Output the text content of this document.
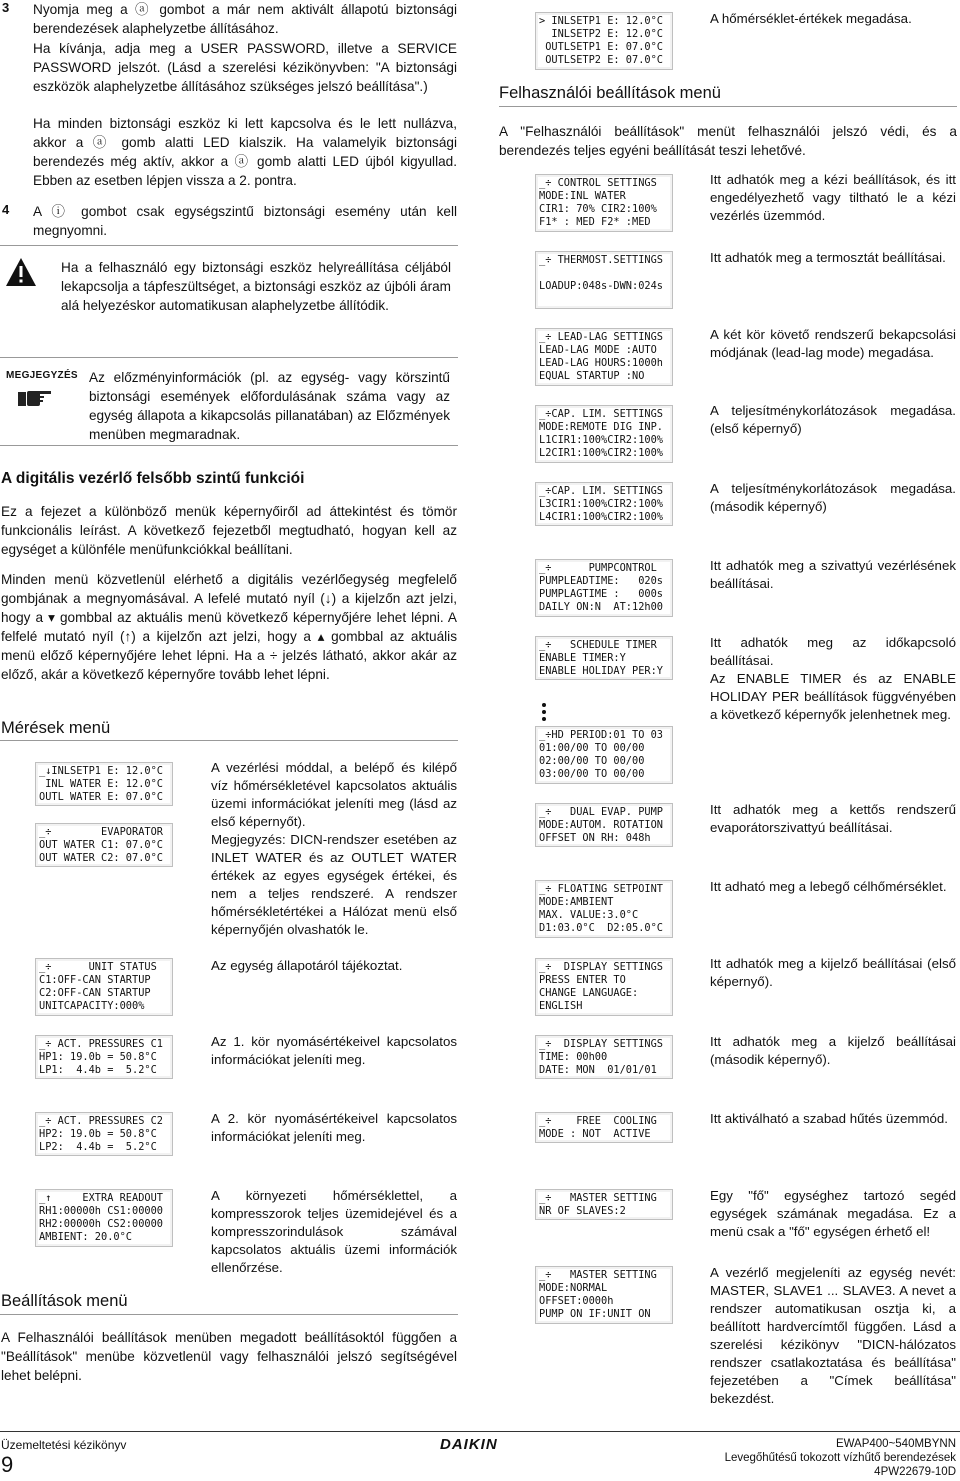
3 Nyomja meg a ⓐ gombot a már nem aktivált állapotú biztonsági berendezések alaphelyzetbe állításához.

Ha kívánja, adja meg a USER PASSWORD, illetve a SERVICE PASSWORD jelszót. (Lásd a szerelési kézikönyvben: "A biztonsági eszközök alaphelyzetbe állításához szükséges jelszó beállítása".)

Ha minden biztonsági eszköz ki lett kapcsolva és le lett nullázva, akkor a ⓐ gomb alatti LED kialszik. Ha valamelyik biztonsági berendezés még aktív, akkor a ⓐ gomb alatti LED újból kigyullad. Ebben az esetben lépjen vissza a 2. pontra.

4 A ⓘ gombot csak egységszintű biztonsági esemény után kell megnyomni.

Ha a felhasználó egy biztonsági eszköz helyreállítása céljából lekapcsolja a tápfeszültséget, a biztonsági eszköz az újbóli áram alá helyezéskor automatikusan alaphelyzetbe állítódik.

MEGJEGYZÉS Az előzményinformációk (pl. az egység- vagy körszintű biztonsági események előfordulásának száma vagy az egység állapota a kikapcsolás pillanatában) az Előzmények menüben megmaradnak.

A digitális vezérlő felsőbb szintű funkciói

Ez a fejezet a különböző menük képernyőiről ad áttekintést és tömör funkcionális leírást. A következő fejezetből megtudható, hogyan kell az egységet a különféle menüfunkciókkal beállítani.

Minden menü közvetlenül elérhető a digitális vezérlőegység megfelelő gombjának a megnyomásával. A lefelé mutató nyíl (↓) a kijelzőn azt jelzi, hogy a ▾ gombbal az aktuális menü következő képernyőjére lehet lépni. A felfelé mutató nyíl (↑) a kijelzőn azt jelzi, hogy a ▴ gombbal az aktuális menü előző képernyőjére lehet lépni. Ha a ÷ jelzés látható, akkor akár az előző, akár a következő képernyőre tovább lehet lépni.

Mérések menü
_↓INLSETP1 E: 12.0°C
INL WATER E: 12.0°C
OUTL WATER E: 07.0°C
A vezérlési móddal, a belépő és kilépő víz hőmérsékletével kapcsolatos aktuális üzemi információkat jeleníti meg (lásd az első képernyőt).
Megjegyzés: DICN-rendszer esetében az INLET WATER és az OUTLET WATER értékek az egyes egységek értékei, és nem a teljes rendszeré. A rendszer hőmérsékletértékei a Hálózat menü első képernyőjén olvashatók le.
_÷        EVAPORATOR
OUT WATER C1: 07.0°C
OUT WATER C2: 07.0°C
_÷      UNIT STATUS
C1:OFF-CAN STARTUP
C2:OFF-CAN STARTUP
UNITCAPACITY:000%
Az egység állapotáról tájékoztat.
_÷ ACT. PRESSURES C1
HP1: 19.0b = 50.8°C
LP1:  4.4b =  5.2°C
Az 1. kör nyomásértékeivel kapcsolatos információkat jeleníti meg.
_÷ ACT. PRESSURES C2
HP2: 19.0b = 50.8°C
LP2:  4.4b =  5.2°C
A 2. kör nyomásértékeivel kapcsolatos információkat jeleníti meg.
_↑     EXTRA READOUT
RH1:00000h CS1:00000
RH2:00000h CS2:00000
AMBIENT: 20.0°C
A környezeti hőmérséklettel, a kompresszorok teljes üzemidejével és a kompresszorindulások számával kapcsolatos aktuális üzemi információk ellenőrzése.
Beállítások menü

A Felhasználói beállítások menüben megadott beállításoktól függően a "Beállítások" menübe közvetlenül vagy felhasználói jelszó segítségével lehet belépni.

> INLSETP1 E: 12.0°C
INLSETP2 E: 12.0°C
OUTLSETP1 E: 07.0°C
OUTLSETP2 E: 07.0°C
A hőmérséklet-értékek megadása.
Felhasználói beállítások menü

A "Felhasználói beállítások" menüt felhasználói jelszó védi, és a berendezés teljes egyéni beállítását teszi lehetővé.

_÷ CONTROL SETTINGS
MODE:INL WATER
CIR1: 70% CIR2:100%
F1* : MED F2* :MED
Itt adhatók meg a kézi beállítások, és itt engedélyezhető vagy tiltható le a kézi vezérlés üzemmód.
_÷ THERMOST.SETTINGS

LOADUP:048s-DWN:024s
Itt adhatók meg a termosztát beállításai.
_÷ LEAD-LAG SETTINGS
LEAD-LAG MODE :AUTO
LEAD-LAG HOURS:1000h
EQUAL STARTUP :NO
A két kör követő rendszerű bekapcsolási módjának (lead-lag mode) megadása.
_÷CAP. LIM. SETTINGS
MODE:REMOTE DIG INP.
L1CIR1:100%CIR2:100%
L2CIR1:100%CIR2:100%
A teljesítménykorlátozások megadása. (első képernyő)
_÷CAP. LIM. SETTINGS
L3CIR1:100%CIR2:100%
L4CIR1:100%CIR2:100%
A teljesítménykorlátozások megadása. (második képernyő)
_÷      PUMPCONTROL
PUMPLEADTIME:   020s
PUMPLAGTIME :   000s
DAILY ON:N  AT:12h00
Itt adhatók meg a szivattyú vezérlésének beállításai.
_÷   SCHEDULE TIMER
ENABLE TIMER:Y
ENABLE HOLIDAY PER:Y
Itt adhatók meg az időkapcsoló beállításai.
Az ENABLE TIMER és az ENABLE HOLIDAY PER beállítások függvényében a következő képernyők jelenhetnek meg.
_÷HD PERIOD:01 TO 03
01:00/00 TO 00/00
02:00/00 TO 00/00
03:00/00 TO 00/00
_÷   DUAL EVAP. PUMP
MODE:AUTOM. ROTATION
OFFSET ON RH: 048h
Itt adhatók meg a kettős rendszerű evaporátorszivattyú beállításai.
_÷ FLOATING SETPOINT
MODE:AMBIENT
MAX. VALUE:3.0°C
D1:03.0°C  D2:05.0°C
Itt adható meg a lebegő célhőmérséklet.
_÷  DISPLAY SETTINGS
PRESS ENTER TO
CHANGE LANGUAGE:
ENGLISH
Itt adhatók meg a kijelző beállításai (első képernyő).
_÷  DISPLAY SETTINGS
TIME: 00h00
DATE: MON  01/01/01
Itt adhatók meg a kijelző beállításai (második képernyő).
_÷    FREE  COOLING
MODE : NOT  ACTIVE
Itt aktiválható a szabad hűtés üzemmód.
_÷   MASTER SETTING
NR OF SLAVES:2
Egy "fő" egységhez tartozó segéd egységek számának megadása. Ez a menü csak a "fő" egységen érhető el!
_÷   MASTER SETTING
MODE:NORMAL
OFFSET:0000h
PUMP ON IF:UNIT ON
A vezérlő megjeleníti az egység nevét: MASTER, SLAVE1 ... SLAVE3. A nevet a rendszer automatikusan osztja ki, a beállított hardvercímtől függően. Lásd a szerelési kézikönyv "DICN-hálózatos rendszer csatlakoztatása és beállítása" fejezetében a "Címek beállítása" bekezdést.
Üzemeltetési kézikönyv
9
DAIKIN	EWAP400~540MBYNN
Levegőhűtésű tokozott vízhűtő berendezések
4PW22679-10D
